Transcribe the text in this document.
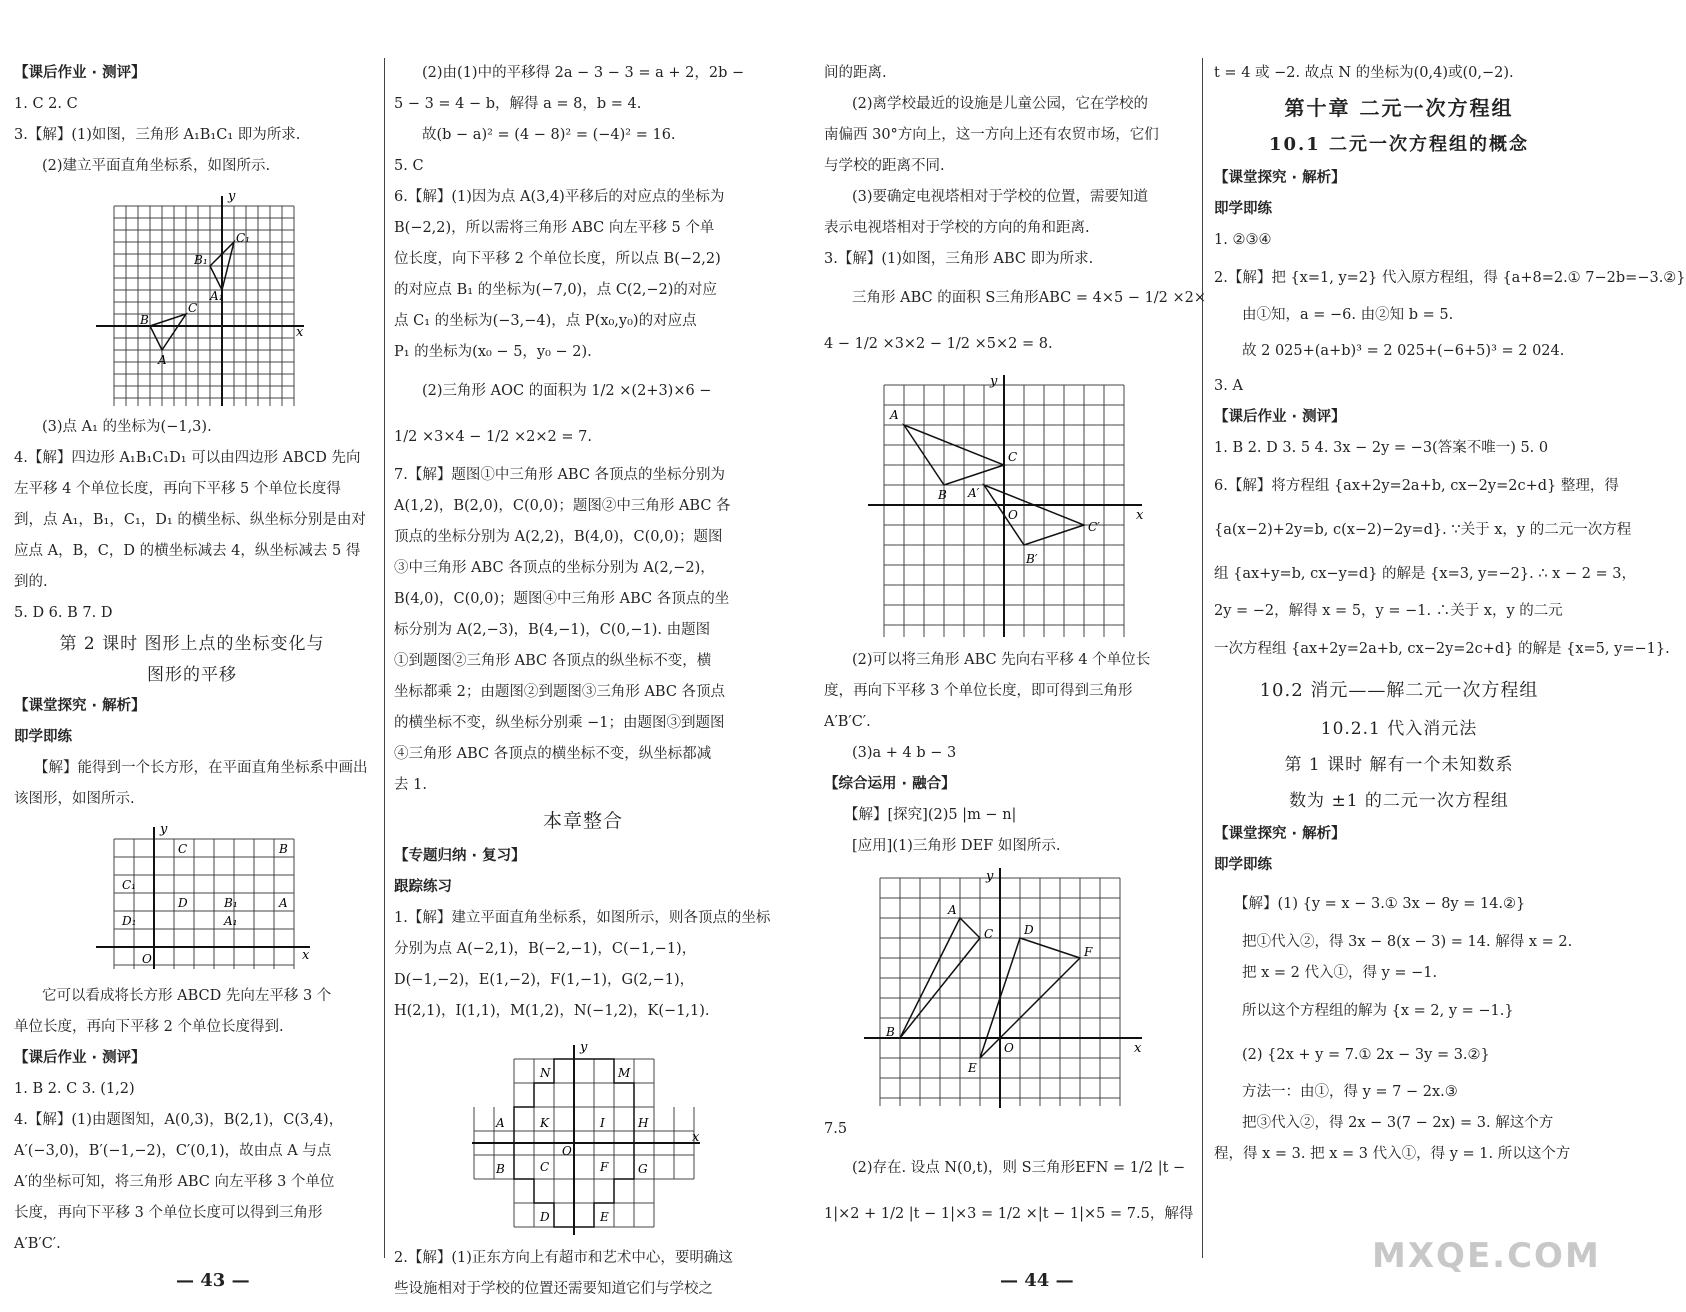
【课后作业 · 测评】
1. C 2. C
3.【解】(1)如图，三角形 A₁B₁C₁ 即为所求.
(2)建立平面直角坐标系，如图所示.
y
x
A
B
C
B₁
A₁
C₁
(3)点 A₁ 的坐标为(−1,3).
4.【解】四边形 A₁B₁C₁D₁ 可以由四边形 ABCD 先向
左平移 4 个单位长度，再向下平移 5 个单位长度得
到，点 A₁，B₁，C₁，D₁ 的横坐标、纵坐标分别是由对
应点 A，B，C，D 的横坐标减去 4，纵坐标减去 5 得
到的.
5. D 6. B 7. D
第 2 课时 图形上点的坐标变化与
图形的平移
【课堂探究 · 解析】
即学即练
【解】能得到一个长方形，在平面直角坐标系中画出
该图形，如图所示.
y
x
A
B
C
D
A₁
B₁
C₁
D₁
O
它可以看成将长方形 ABCD 先向左平移 3 个
单位长度，再向下平移 2 个单位长度得到.
【课后作业 · 测评】
1. B 2. C 3. (1,2)
4.【解】(1)由题图知，A(0,3)，B(2,1)，C(3,4)，
A′(−3,0)，B′(−1,−2)，C′(0,1)，故由点 A 与点
A′的坐标可知，将三角形 ABC 向左平移 3 个单位
长度，再向下平移 3 个单位长度可以得到三角形
A′B′C′.
(2)由(1)中的平移得 2a − 3 − 3 = a + 2，2b −
5 − 3 = 4 − b，解得 a = 8，b = 4.
故(b − a)² = (4 − 8)² = (−4)² = 16.
5. C
6.【解】(1)因为点 A(3,4)平移后的对应点的坐标为
B(−2,2)，所以需将三角形 ABC 向左平移 5 个单
位长度，向下平移 2 个单位长度，所以点 B(−2,2)
的对应点 B₁ 的坐标为(−7,0)，点 C(2,−2)的对应
点 C₁ 的坐标为(−3,−4)，点 P(x₀,y₀)的对应点
P₁ 的坐标为(x₀ − 5，y₀ − 2).
(2)三角形 AOC 的面积为 1/2 ×(2+3)×6 −
1/2 ×3×4 − 1/2 ×2×2 = 7.
7.【解】题图①中三角形 ABC 各顶点的坐标分别为
A(1,2)，B(2,0)，C(0,0)；题图②中三角形 ABC 各
顶点的坐标分别为 A(2,2)，B(4,0)，C(0,0)；题图
③中三角形 ABC 各顶点的坐标分别为 A(2,−2)，
B(4,0)，C(0,0)；题图④中三角形 ABC 各顶点的坐
标分别为 A(2,−3)，B(4,−1)，C(0,−1). 由题图
①到题图②三角形 ABC 各顶点的纵坐标不变，横
坐标都乘 2；由题图②到题图③三角形 ABC 各顶点
的横坐标不变，纵坐标分别乘 −1；由题图③到题图
④三角形 ABC 各顶点的横坐标不变，纵坐标都减
去 1.
本章整合
【专题归纳 · 复习】
跟踪练习
1.【解】建立平面直角坐标系，如图所示，则各顶点的坐标
分别为点 A(−2,1)，B(−2,−1)，C(−1,−1)，
D(−1,−2)，E(1,−2)，F(1,−1)，G(2,−1)，
H(2,1)，I(1,1)，M(1,2)，N(−1,2)，K(−1,1).
x
y
A
B	C
D	E
F G
H
I
K
M
N
O
2.【解】(1)正东方向上有超市和艺术中心，要明确这
些设施相对于学校的位置还需要知道它们与学校之
间的距离.
(2)离学校最近的设施是儿童公园，它在学校的
南偏西 30°方向上，这一方向上还有农贸市场，它们
与学校的距离不同.
(3)要确定电视塔相对于学校的位置，需要知道
表示电视塔相对于学校的方向的角和距离.
3.【解】(1)如图，三角形 ABC 即为所求.
三角形 ABC 的面积 S三角形ABC = 4×5 − 1/2 ×2×
4 − 1/2 ×3×2 − 1/2 ×5×2 = 8.
y
x
A
B
C
A′
B′
C′
O
(2)可以将三角形 ABC 先向右平移 4 个单位长
度，再向下平移 3 个单位长度，即可得到三角形
A′B′C′.
(3)a + 4 b − 3
【综合运用 · 融合】
【解】[探究](2)5 |m − n|
[应用](1)三角形 DEF 如图所示.
y
x
A
B
C	D
E
F
O
7.5
(2)存在. 设点 N(0,t)，则 S三角形EFN = 1/2 |t −
1|×2 + 1/2 |t − 1|×3 = 1/2 ×|t − 1|×5 = 7.5，解得
t = 4 或 −2. 故点 N 的坐标为(0,4)或(0,−2).
第十章 二元一次方程组
10.1 二元一次方程组的概念
【课堂探究 · 解析】
即学即练
1. ②③④
2.【解】把 {x=1, y=2} 代入原方程组，得 {a+8=2.① 7−2b=−3.②}
由①知，a = −6. 由②知 b = 5.
故 2 025+(a+b)³ = 2 025+(−6+5)³ = 2 024.
3. A
【课后作业 · 测评】
1. B 2. D 3. 5 4. 3x − 2y = −3(答案不唯一) 5. 0
6.【解】将方程组 {ax+2y=2a+b, cx−2y=2c+d} 整理，得
{a(x−2)+2y=b, c(x−2)−2y=d}. ∵关于 x，y 的二元一次方程
组 {ax+y=b, cx−y=d} 的解是 {x=3, y=−2}. ∴ x − 2 = 3，
2y = −2，解得 x = 5，y = −1. ∴关于 x，y 的二元
一次方程组 {ax+2y=2a+b, cx−2y=2c+d} 的解是 {x=5, y=−1}.
10.2 消元——解二元一次方程组
10.2.1 代入消元法
第 1 课时 解有一个未知数系
数为 ±1 的二元一次方程组
【课堂探究 · 解析】
即学即练
【解】(1) {y = x − 3.① 3x − 8y = 14.②}
把①代入②，得 3x − 8(x − 3) = 14. 解得 x = 2.
把 x = 2 代入①，得 y = −1.
所以这个方程组的解为 {x = 2, y = −1.}
(2) {2x + y = 7.① 2x − 3y = 3.②}
方法一：由①，得 y = 7 − 2x.③
把③代入②，得 2x − 3(7 − 2x) = 3. 解这个方
程，得 x = 3. 把 x = 3 代入①，得 y = 1. 所以这个方
— 43 —	— 44 —
MXQE.COM
